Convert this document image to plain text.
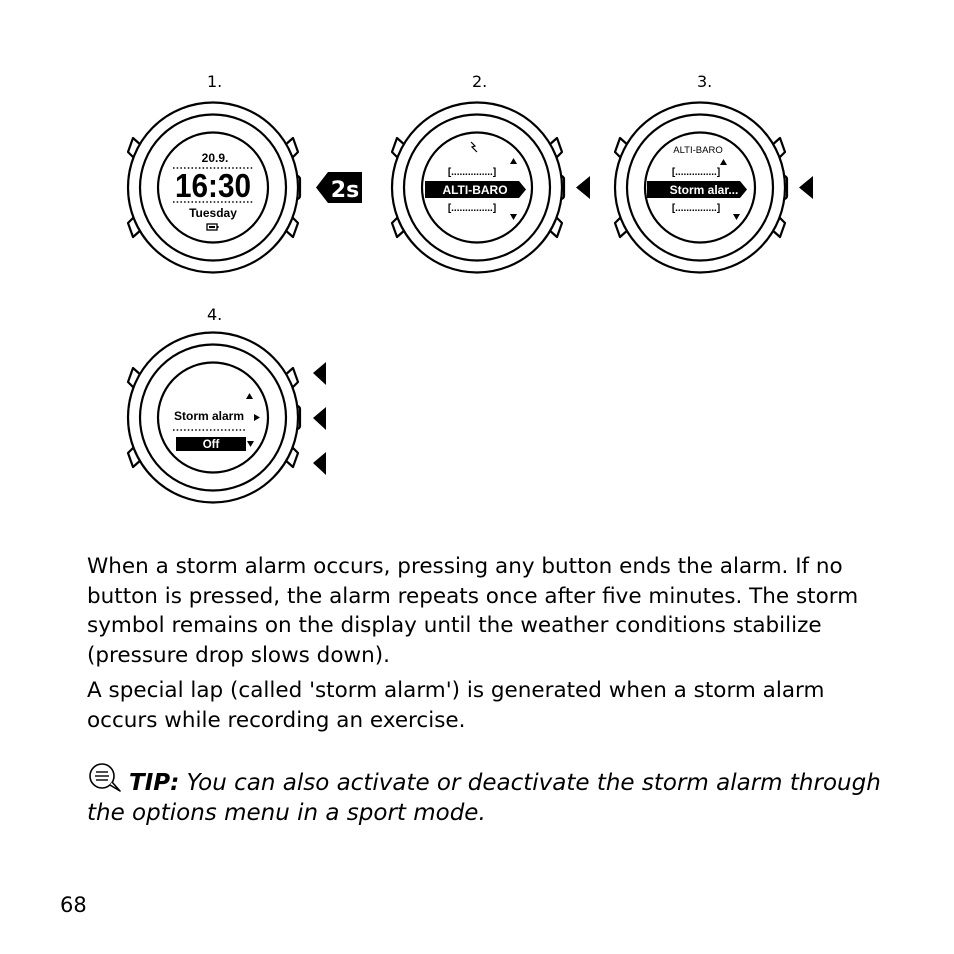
1.
20.9.
16:30
Tuesday
2s
2.
[...............]
ALTI-BARO
[...............]
3.
ALTI-BARO
[...............]
Storm alar...
[...............]
4.
Storm alarm
Off
When a storm alarm occurs, pressing any button ends the alarm. If no button is pressed, the alarm repeats once after five minutes. The storm symbol remains on the display until the weather conditions stabilize (pressure drop slows down).
A special lap (called 'storm alarm') is generated when a storm alarm occurs while recording an exercise.
TIP: You can also activate or deactivate the storm alarm through the options menu in a sport mode.
68
